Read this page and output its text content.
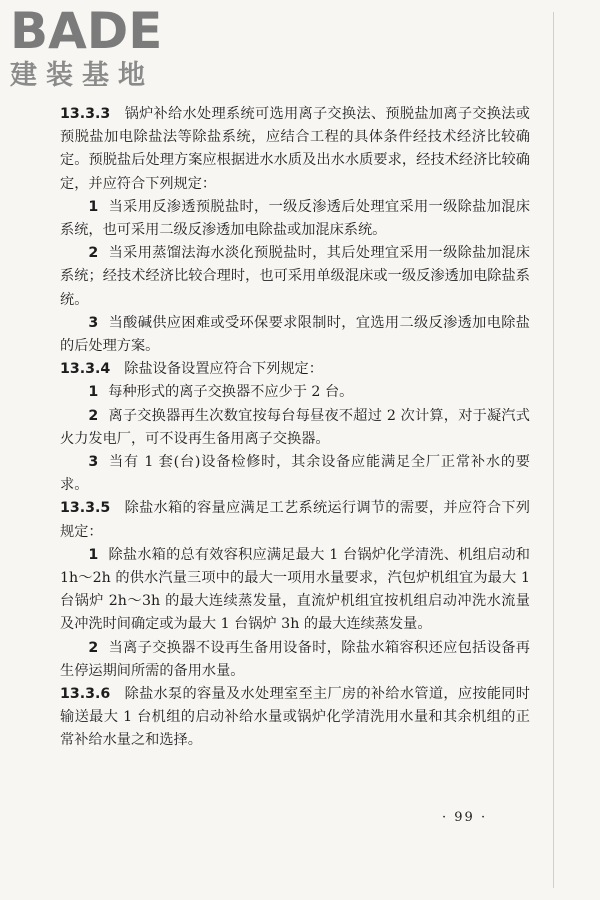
BADE
建装基地

13.3.3 锅炉补给水处理系统可选用离子交换法、预脱盐加离子交换法或预脱盐加电除盐法等除盐系统，应结合工程的具体条件经技术经济比较确定。预脱盐后处理方案应根据进水水质及出水水质要求，经技术经济比较确定，并应符合下列规定：

1 当采用反渗透预脱盐时，一级反渗透后处理宜采用一级除盐加混床系统，也可采用二级反渗透加电除盐或加混床系统。

2 当采用蒸馏法海水淡化预脱盐时，其后处理宜采用一级除盐加混床系统；经技术经济比较合理时，也可采用单级混床或一级反渗透加电除盐系统。

3 当酸碱供应困难或受环保要求限制时，宜选用二级反渗透加电除盐的后处理方案。

13.3.4 除盐设备设置应符合下列规定：

1 每种形式的离子交换器不应少于 2 台。

2 离子交换器再生次数宜按每台每昼夜不超过 2 次计算，对于凝汽式火力发电厂，可不设再生备用离子交换器。

3 当有 1 套(台)设备检修时，其余设备应能满足全厂正常补水的要求。

13.3.5 除盐水箱的容量应满足工艺系统运行调节的需要，并应符合下列规定：

1 除盐水箱的总有效容积应满足最大 1 台锅炉化学清洗、机组启动和 1h～2h 的供水汽量三项中的最大一项用水量要求，汽包炉机组宜为最大 1 台锅炉 2h～3h 的最大连续蒸发量，直流炉机组宜按机组启动冲洗水流量及冲洗时间确定或为最大 1 台锅炉 3h 的最大连续蒸发量。

2 当离子交换器不设再生备用设备时，除盐水箱容积还应包括设备再生停运期间所需的备用水量。

13.3.6 除盐水泵的容量及水处理室至主厂房的补给水管道，应按能同时输送最大 1 台机组的启动补给水量或锅炉化学清洗用水量和其余机组的正常补给水量之和选择。

· 99 ·
